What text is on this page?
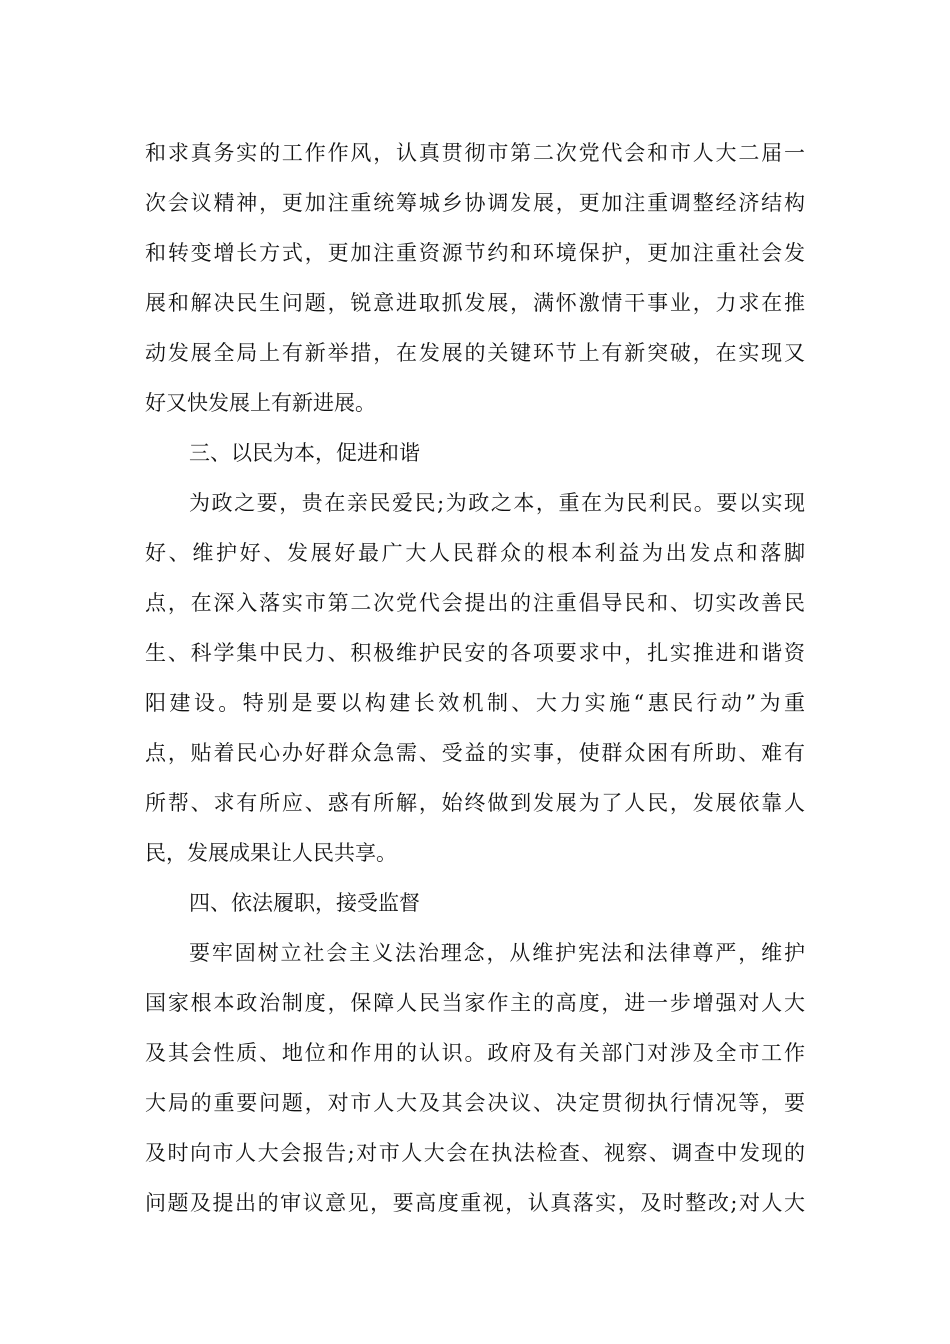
和求真务实的工作作风，认真贯彻市第二次党代会和市人大二届一
次会议精神，更加注重统筹城乡协调发展，更加注重调整经济结构
和转变增长方式，更加注重资源节约和环境保护，更加注重社会发
展和解决民生问题，锐意进取抓发展，满怀激情干事业，力求在推
动发展全局上有新举措，在发展的关键环节上有新突破，在实现又
好又快发展上有新进展。
三、以民为本，促进和谐
为政之要，贵在亲民爱民;为政之本，重在为民利民。要以实现
好、维护好、发展好最广大人民群众的根本利益为出发点和落脚
点，在深入落实市第二次党代会提出的注重倡导民和、切实改善民
生、科学集中民力、积极维护民安的各项要求中，扎实推进和谐资
阳建设。特别是要以构建长效机制、大力实施“惠民行动”为重
点，贴着民心办好群众急需、受益的实事，使群众困有所助、难有
所帮、求有所应、惑有所解，始终做到发展为了人民，发展依靠人
民，发展成果让人民共享。
四、依法履职，接受监督
要牢固树立社会主义法治理念，从维护宪法和法律尊严，维护
国家根本政治制度，保障人民当家作主的高度，进一步增强对人大
及其会性质、地位和作用的认识。政府及有关部门对涉及全市工作
大局的重要问题，对市人大及其会决议、决定贯彻执行情况等，要
及时向市人大会报告;对市人大会在执法检查、视察、调查中发现的
问题及提出的审议意见，要高度重视，认真落实，及时整改;对人大
